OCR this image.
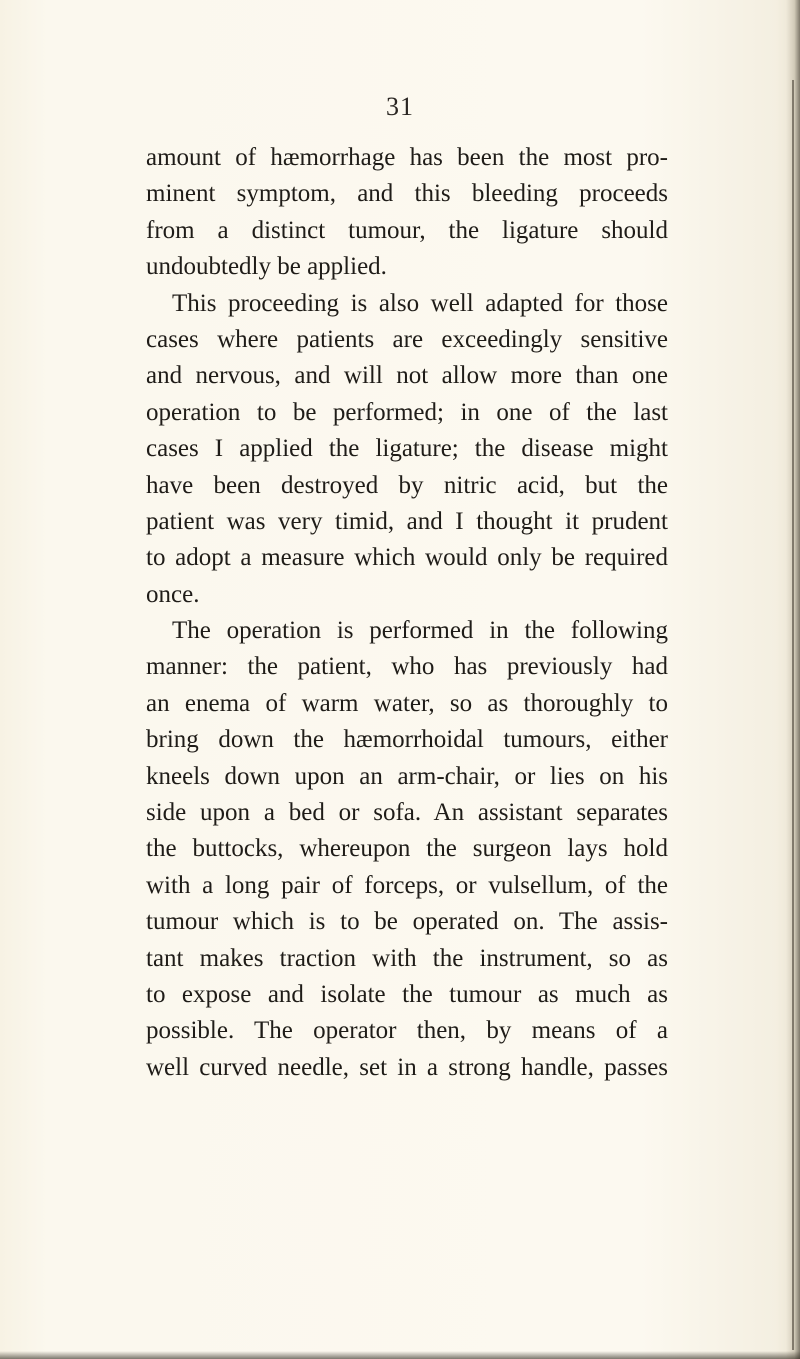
31
amount of hæmorrhage has been the most pro-
minent symptom, and this bleeding proceeds
from a distinct tumour, the ligature should
undoubtedly be applied.
This proceeding is also well adapted for those
cases where patients are exceedingly sensitive
and nervous, and will not allow more than one
operation to be performed; in one of the last
cases I applied the ligature; the disease might
have been destroyed by nitric acid, but the
patient was very timid, and I thought it prudent
to adopt a measure which would only be required
once.
The operation is performed in the following
manner: the patient, who has previously had
an enema of warm water, so as thoroughly to
bring down the hæmorrhoidal tumours, either
kneels down upon an arm-chair, or lies on his
side upon a bed or sofa. An assistant separates
the buttocks, whereupon the surgeon lays hold
with a long pair of forceps, or vulsellum, of the
tumour which is to be operated on. The assis-
tant makes traction with the instrument, so as
to expose and isolate the tumour as much as
possible. The operator then, by means of a
well curved needle, set in a strong handle, passes
